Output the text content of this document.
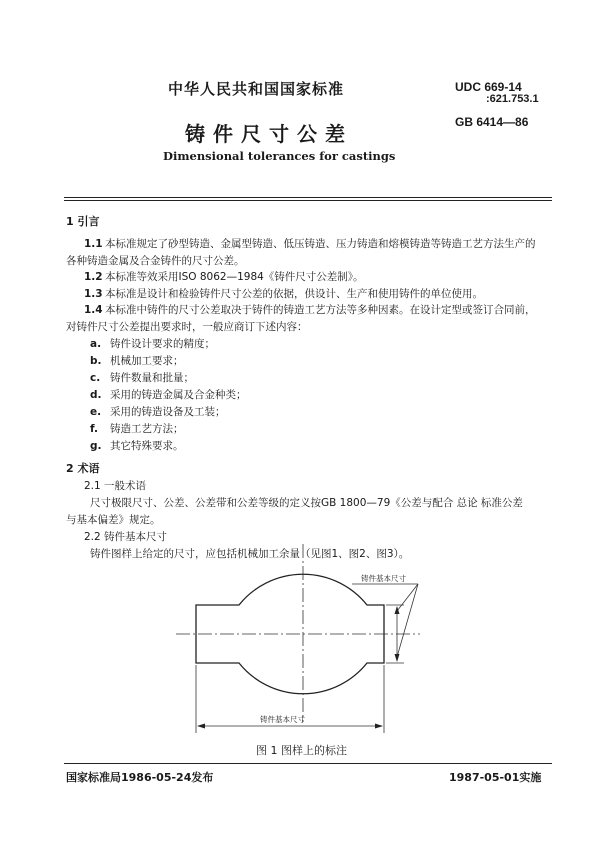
中华人民共和国国家标准	UDC 669-14
:621.753.1
GB 6414—86
铸件尺寸公差
Dimensional tolerances for castings
1 引言
1.1 本标准规定了砂型铸造、金属型铸造、低压铸造、压力铸造和熔模铸造等铸造工艺方法生产的
各种铸造金属及合金铸件的尺寸公差。
1.2 本标准等效采用ISO 8062—1984《铸件尺寸公差制》。
1.3 本标准是设计和检验铸件尺寸公差的依据，供设计、生产和使用铸件的单位使用。
1.4 本标准中铸件的尺寸公差取决于铸件的铸造工艺方法等多种因素。在设计定型或签订合同前，
对铸件尺寸公差提出要求时，一般应商订下述内容：
a. 铸件设计要求的精度；
b. 机械加工要求；
c. 铸件数量和批量；
d. 采用的铸造金属及合金种类；
e. 采用的铸造设备及工装；
f. 铸造工艺方法；
g. 其它特殊要求。
2 术语
2.1 一般术语
尺寸极限尺寸、公差、公差带和公差等级的定义按GB 1800—79《公差与配合 总论 标准公差
与基本偏差》规定。
2.2 铸件基本尺寸
铸件图样上给定的尺寸，应包括机械加工余量（见图1、图2、图3）。
铸件基本尺寸
铸件基本尺寸
图 1 图样上的标注
国家标准局1986-05-24发布	1987-05-01实施
